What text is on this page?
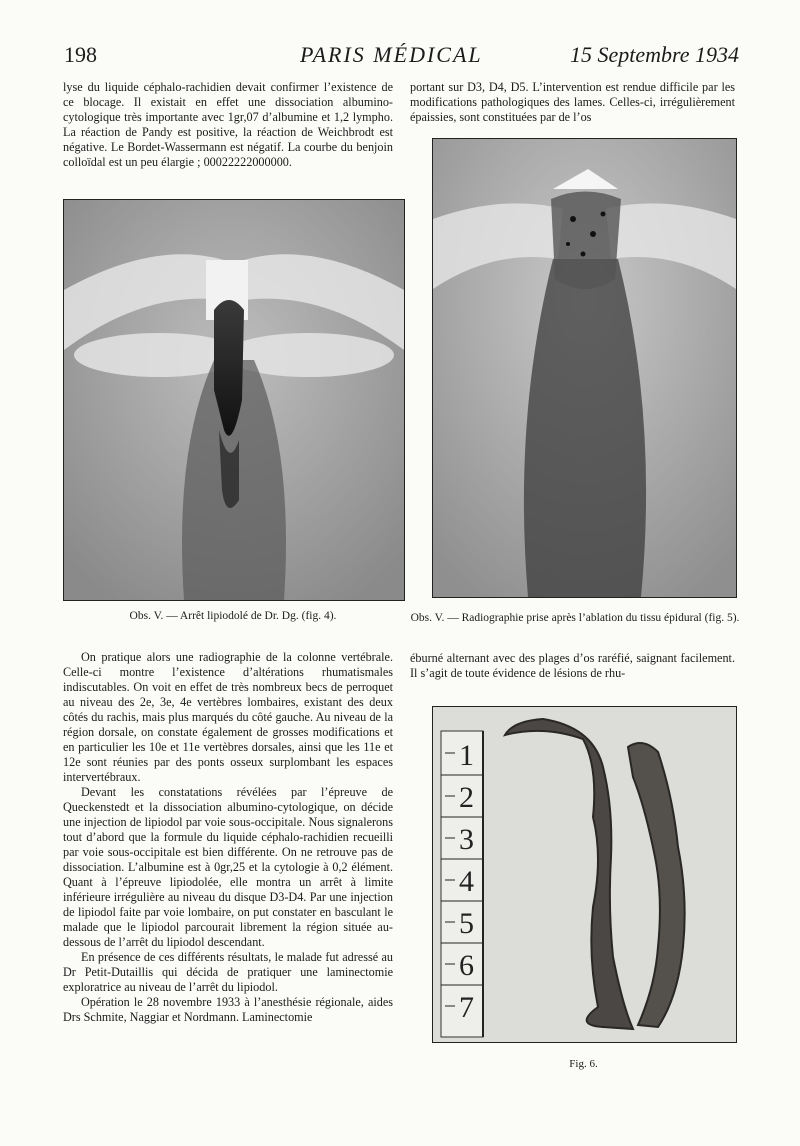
198	PARIS MÉDICAL	15 Septembre 1934

lyse du liquide céphalo-rachidien devait confirmer l’existence de ce blocage. Il existait en effet une dissociation albumino-cytologique très importante avec 1gr,07 d’albumine et 1,2 lympho. La réaction de Pandy est positive, la réaction de Weichbrodt est négative. Le Bordet-Wassermann est négatif. La courbe du benjoin colloïdal est un peu élargie ; 00022222000000.

portant sur D3, D4, D5. L’intervention est rendue difficile par les modifications pathologiques des lames. Celles-ci, irrégulièrement épaissies, sont constituées par de l’os

Obs. V. — Arrêt lipiodolé de Dr. Dg. (fig. 4).	Obs. V. — Radiographie prise après l’ablation du tissu épidural (fig. 5).

On pratique alors une radiographie de la colonne vertébrale. Celle-ci montre l’existence d’altérations rhumatismales indiscutables. On voit en effet de très nombreux becs de perroquet au niveau des 2e, 3e, 4e vertèbres lombaires, existant des deux côtés du rachis, mais plus marqués du côté gauche. Au niveau de la région dorsale, on constate également de grosses modifications et en particulier les 10e et 11e vertèbres dorsales, ainsi que les 11e et 12e sont réunies par des ponts osseux surplombant les espaces intervertébraux.

Devant les constatations révélées par l’épreuve de Queckenstedt et la dissociation albumino-cytologique, on décide une injection de lipiodol par voie sous-occipitale. Nous signalerons tout d’abord que la formule du liquide céphalo-rachidien recueilli par voie sous-occipitale est bien différente. On ne retrouve pas de dissociation. L’albumine est à 0gr,25 et la cytologie à 0,2 élément. Quant à l’épreuve lipiodolée, elle montra un arrêt à limite inférieure irrégulière au niveau du disque D3-D4. Par une injection de lipiodol faite par voie lombaire, on put constater en basculant le malade que le lipiodol parcourait librement la région située au-dessous de l’arrêt du lipiodol descendant.

En présence de ces différents résultats, le malade fut adressé au Dr Petit-Dutaillis qui décida de pratiquer une laminectomie exploratrice au niveau de l’arrêt du lipiodol.

Opération le 28 novembre 1933 à l’anesthésie régionale, aides Drs Schmite, Naggiar et Nordmann. Laminectomie

éburné alternant avec des plages d’os raréfié, saignant facilement. Il s’agit de toute évidence de lésions de rhu-

1
2
3
4
5
6
7
Fig. 6.
